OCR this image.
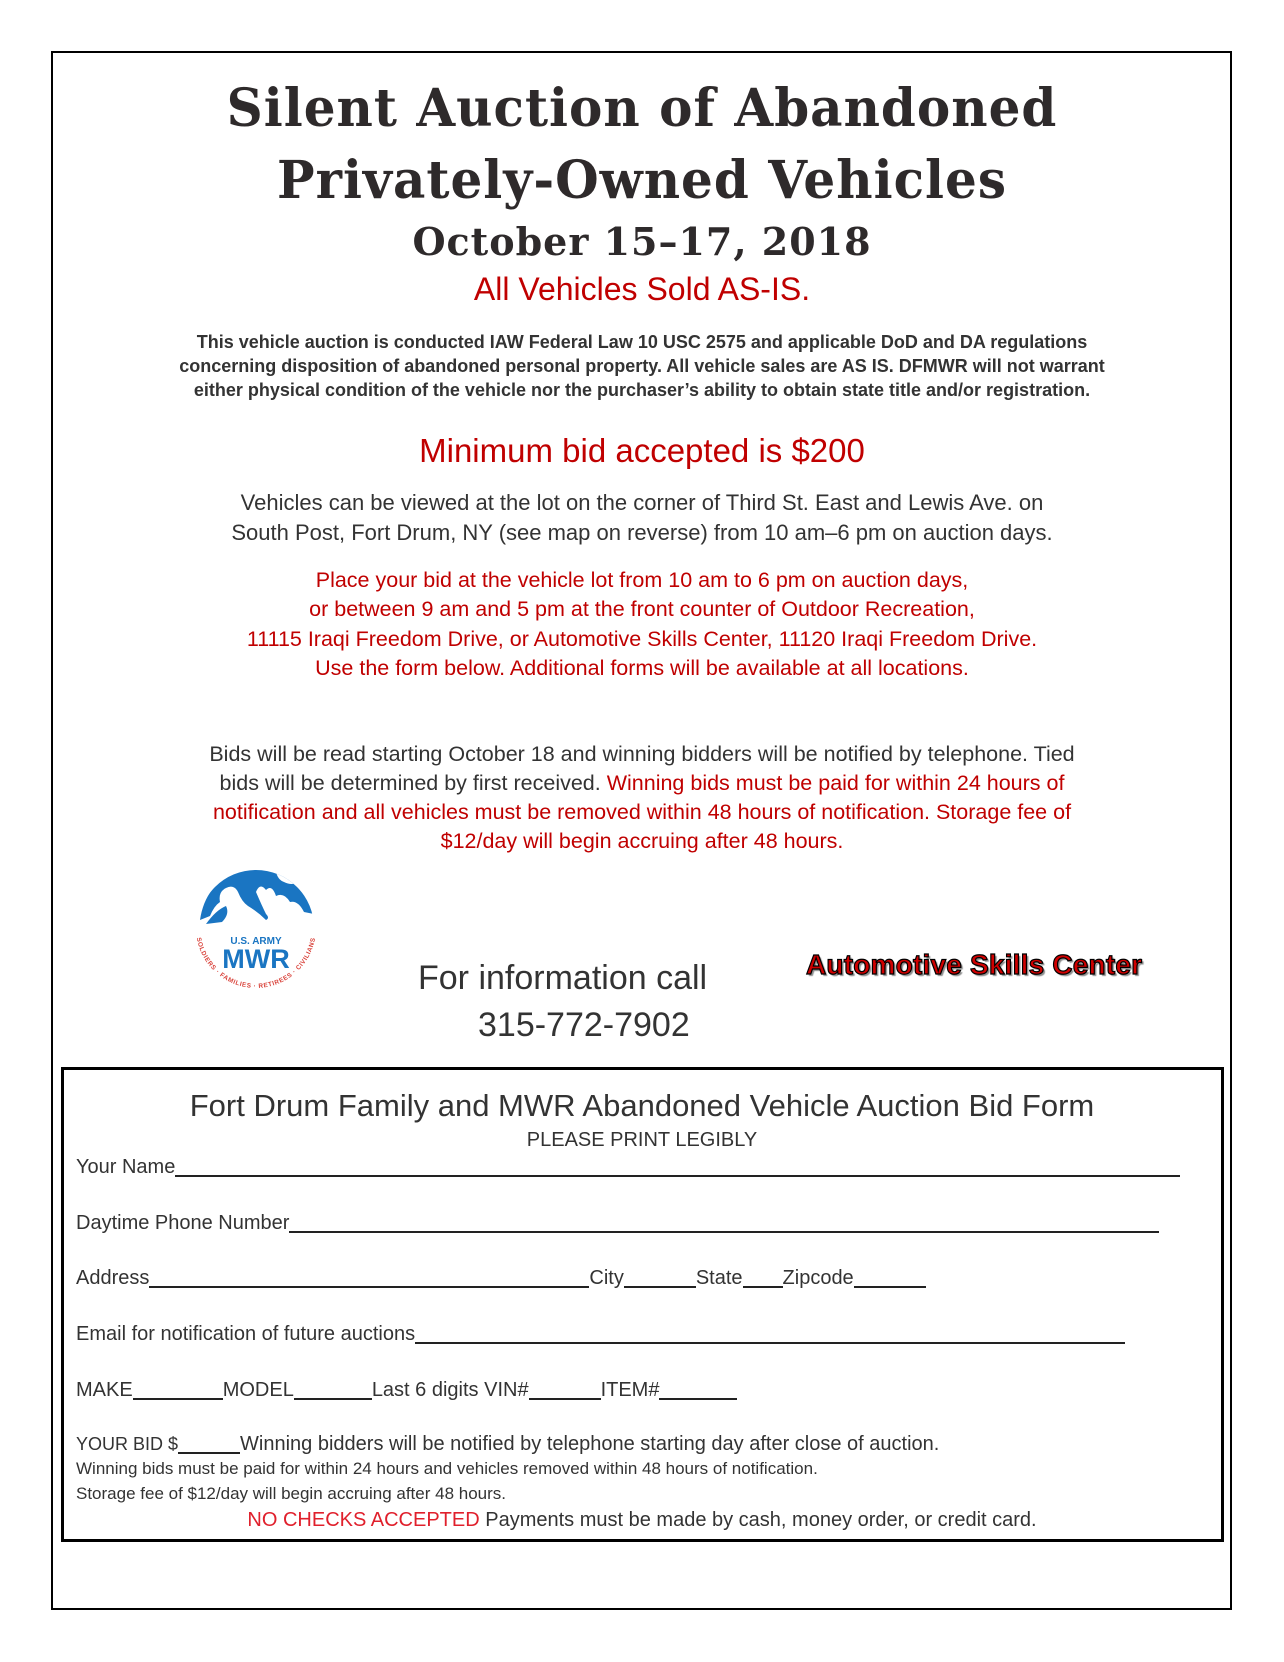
Silent Auction of Abandoned
Privately-Owned Vehicles
October 15–17, 2018
All Vehicles Sold AS-IS.
This vehicle auction is conducted IAW Federal Law 10 USC 2575 and applicable DoD and DA regulations
concerning disposition of abandoned personal property. All vehicle sales are AS IS. DFMWR will not warrant
either physical condition of the vehicle nor the purchaser’s ability to obtain state title and/or registration.
Minimum bid accepted is $200
Vehicles can be viewed at the lot on the corner of Third St. East and Lewis Ave. on
South Post, Fort Drum, NY (see map on reverse) from 10 am–6 pm on auction days.
Place your bid at the vehicle lot from 10 am to 6 pm on auction days,
or between 9 am and 5 pm at the front counter of Outdoor Recreation,
11115 Iraqi Freedom Drive, or Automotive Skills Center, 11120 Iraqi Freedom Drive.
Use the form below. Additional forms will be available at all locations.
Bids will be read starting October 18 and winning bidders will be notified by telephone. Tied
bids will be determined by first received. Winning bids must be paid for within 24 hours of
notification and all vehicles must be removed within 48 hours of notification. Storage fee of
$12/day will begin accruing after 48 hours.
U.S. ARMY
MWR
SOLDIERS · FAMILIES · RETIREES · CIVILIANS
For information call
315-772-7902
Automotive Skills Center
Fort Drum Family and MWR Abandoned Vehicle Auction Bid Form
PLEASE PRINT LEGIBLY
Your Name
Daytime Phone Number
Address	City	State Zipcode
Email for notification of future auctions
MAKE	MODEL	Last 6 digits VIN#	ITEM#
YOUR BID $	Winning bidders will be notified by telephone starting day after close of auction.
Winning bids must be paid for within 24 hours and vehicles removed within 48 hours of notification.
Storage fee of $12/day will begin accruing after 48 hours.
NO CHECKS ACCEPTED Payments must be made by cash, money order, or credit card.
